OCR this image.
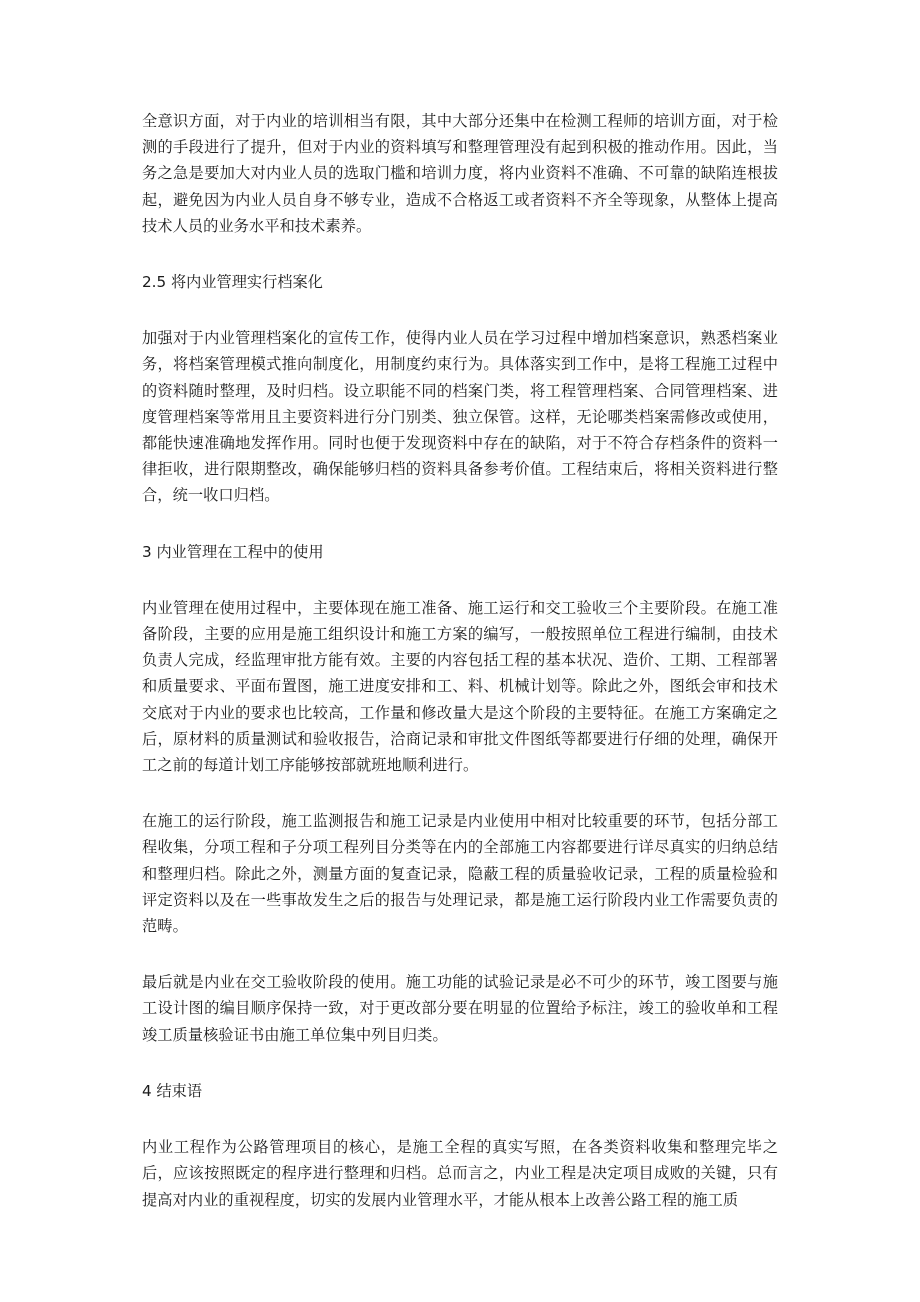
全意识方面，对于内业的培训相当有限，其中大部分还集中在检测工程师的培训方面，对于检测的手段进行了提升，但对于内业的资料填写和整理管理没有起到积极的推动作用。因此，当务之急是要加大对内业人员的选取门槛和培训力度，将内业资料不准确、不可靠的缺陷连根拔起，避免因为内业人员自身不够专业，造成不合格返工或者资料不齐全等现象，从整体上提高技术人员的业务水平和技术素养。

2.5 将内业管理实行档案化

加强对于内业管理档案化的宣传工作，使得内业人员在学习过程中增加档案意识，熟悉档案业务，将档案管理模式推向制度化，用制度约束行为。具体落实到工作中，是将工程施工过程中的资料随时整理，及时归档。设立职能不同的档案门类，将工程管理档案、合同管理档案、进度管理档案等常用且主要资料进行分门别类、独立保管。这样，无论哪类档案需修改或使用，都能快速准确地发挥作用。同时也便于发现资料中存在的缺陷，对于不符合存档条件的资料一律拒收，进行限期整改，确保能够归档的资料具备参考价值。工程结束后，将相关资料进行整合，统一收口归档。

3 内业管理在工程中的使用

内业管理在使用过程中，主要体现在施工准备、施工运行和交工验收三个主要阶段。在施工准备阶段，主要的应用是施工组织设计和施工方案的编写，一般按照单位工程进行编制，由技术负责人完成，经监理审批方能有效。主要的内容包括工程的基本状况、造价、工期、工程部署和质量要求、平面布置图，施工进度安排和工、料、机械计划等。除此之外，图纸会审和技术交底对于内业的要求也比较高，工作量和修改量大是这个阶段的主要特征。在施工方案确定之后，原材料的质量测试和验收报告，洽商记录和审批文件图纸等都要进行仔细的处理，确保开工之前的每道计划工序能够按部就班地顺利进行。

在施工的运行阶段，施工监测报告和施工记录是内业使用中相对比较重要的环节，包括分部工程收集，分项工程和子分项工程列目分类等在内的全部施工内容都要进行详尽真实的归纳总结和整理归档。除此之外，测量方面的复查记录，隐蔽工程的质量验收记录，工程的质量检验和评定资料以及在一些事故发生之后的报告与处理记录，都是施工运行阶段内业工作需要负责的范畴。

最后就是内业在交工验收阶段的使用。施工功能的试验记录是必不可少的环节，竣工图要与施工设计图的编目顺序保持一致，对于更改部分要在明显的位置给予标注，竣工的验收单和工程竣工质量核验证书由施工单位集中列目归类。

4 结束语

内业工程作为公路管理项目的核心，是施工全程的真实写照，在各类资料收集和整理完毕之后，应该按照既定的程序进行整理和归档。总而言之，内业工程是决定项目成败的关键，只有提高对内业的重视程度，切实的发展内业管理水平，才能从根本上改善公路工程的施工质
